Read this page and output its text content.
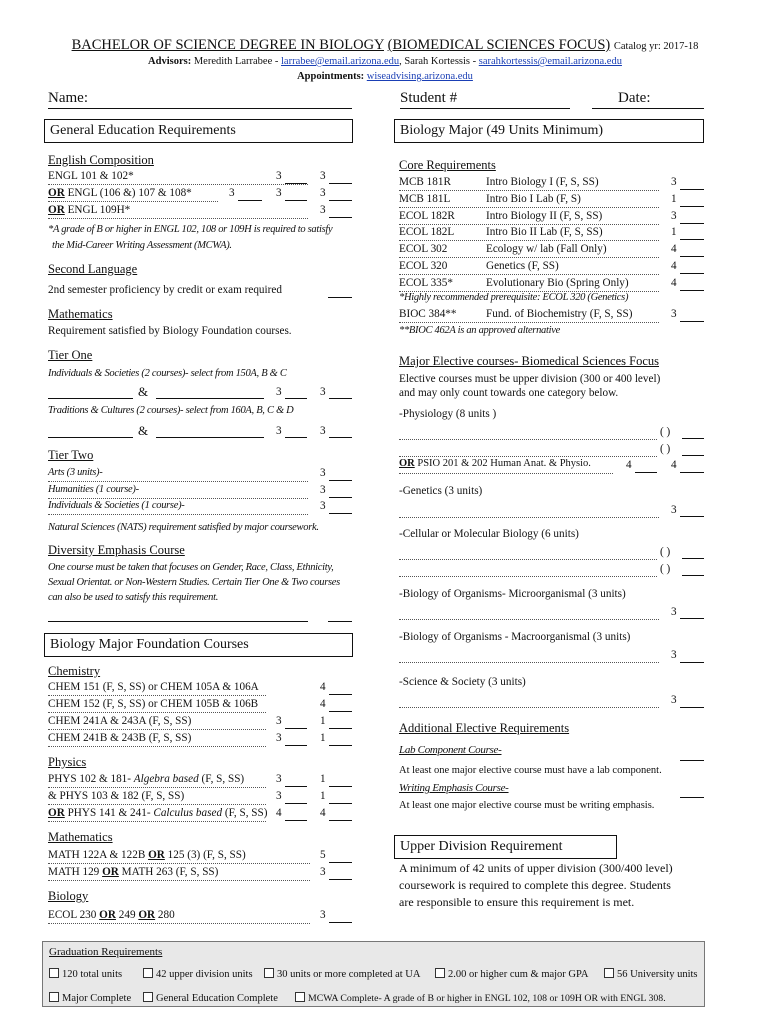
BACHELOR OF SCIENCE DEGREE IN BIOLOGY (BIOMEDICAL SCIENCES FOCUS) Catalog yr: 2017-18
Advisors: Meredith Larrabee - larrabee@email.arizona.edu, Sarah Kortessis - sarahkortessis@email.arizona.edu
Appointments: wiseadvising.arizona.edu
Name:	Student #	Date:
General Education Requirements	Biology Major (49 Units Minimum)
English Composition
ENGL 101 & 102*	3	3
OR ENGL (106 &) 107 & 108*	3	3	3
OR ENGL 109H*	3
*A grade of B or higher in ENGL 102, 108 or 109H is required to satisfy
the Mid-Career Writing Assessment (MCWA).
Second Language
2nd semester proficiency by credit or exam required
Mathematics
Requirement satisfied by Biology Foundation courses.
Tier One
Individuals & Societies (2 courses)- select from 150A, B & C
&	3	3
Traditions & Cultures (2 courses)- select from 160A, B, C & D
&	3	3
Tier Two
Arts (3 units)-	3
Humanities (1 course)-	3
Individuals & Societies (1 course)-	3
Natural Sciences (NATS) requirement satisfied by major coursework.
Diversity Emphasis Course
One course must be taken that focuses on Gender, Race, Class, Ethnicity,
Sexual Orientat. or Non-Western Studies. Certain Tier One & Two courses
can also be used to satisfy this requirement.
Biology Major Foundation Courses
Chemistry
CHEM 151 (F, S, SS) or CHEM 105A & 106A	4
CHEM 152 (F, S, SS) or CHEM 105B & 106B	4
CHEM 241A & 243A (F, S, SS)	3	1
CHEM 241B & 243B (F, S, SS)	3	1
Physics
PHYS 102 & 181- Algebra based (F, S, SS)	3	1
& PHYS 103 & 182 (F, S, SS)	3	1
OR PHYS 141 & 241- Calculus based (F, S, SS) 4	4
Mathematics
MATH 122A & 122B OR 125 (3) (F, S, SS)	5
MATH 129 OR MATH 263 (F, S, SS)	3
Biology
ECOL 230 OR 249 OR 280	3
Core Requirements
MCB 181R	Intro Biology I (F, S, SS)	3
MCB 181L	Intro Bio I Lab (F, S)	1
ECOL 182R	Intro Biology II (F, S, SS)	3
ECOL 182L	Intro Bio II Lab (F, S, SS)	1
ECOL 302	Ecology w/ lab (Fall Only)	4
ECOL 320	Genetics (F, SS)	4
ECOL 335*	Evolutionary Bio (Spring Only)	4
*Highly recommended prerequisite: ECOL 320 (Genetics)
BIOC 384**	Fund. of Biochemistry (F, S, SS)	3
**BIOC 462A is an approved alternative
Major Elective courses- Biomedical Sciences Focus
Elective courses must be upper division (300 or 400 level)
and may only count towards one category below.
-Physiology (8 units )
( )
( )
OR PSIO 201 & 202 Human Anat. & Physio.	4	4
-Genetics (3 units)
3
-Cellular or Molecular Biology (6 units)
( )
( )
-Biology of Organisms- Microorganismal (3 units)
3
-Biology of Organisms - Macroorganismal (3 units)
3
-Science & Society (3 units)
3
Additional Elective Requirements
Lab Component Course-
At least one major elective course must have a lab component.
Writing Emphasis Course-
At least one major elective course must be writing emphasis.
Upper Division Requirement
A minimum of 42 units of upper division (300/400 level)
coursework is required to complete this degree. Students
are responsible to ensure this requirement is met.
Graduation Requirements
120 total units	42 upper division units	30 units or more completed at UA	2.00 or higher cum & major GPA	56 University units
Major Complete	General Education Complete	MCWA Complete- A grade of B or higher in ENGL 102, 108 or 109H OR with ENGL 308.
